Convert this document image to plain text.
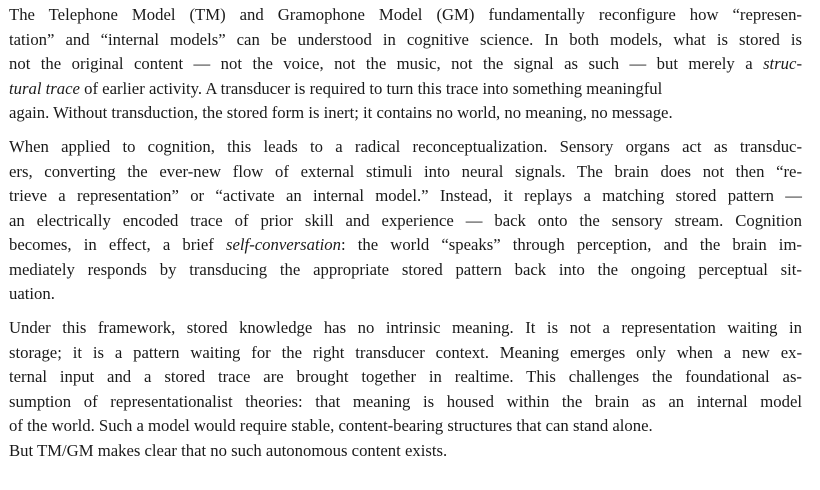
The Telephone Model (TM) and Gramophone Model (GM) fundamentally reconfigure how “represen-
tation” and “internal models” can be understood in cognitive science. In both models, what is stored is
not the original content — not the voice, not the music, not the signal as such — but merely a struc-
tural trace of earlier activity. A transducer is required to turn this trace into something meaningful
again. Without transduction, the stored form is inert; it contains no world, no meaning, no message.

When applied to cognition, this leads to a radical reconceptualization. Sensory organs act as transduc-
ers, converting the ever-new flow of external stimuli into neural signals. The brain does not then “re-
trieve a representation” or “activate an internal model.” Instead, it replays a matching stored pattern —
an electrically encoded trace of prior skill and experience — back onto the sensory stream. Cognition
becomes, in effect, a brief self-conversation: the world “speaks” through perception, and the brain im-
mediately responds by transducing the appropriate stored pattern back into the ongoing perceptual sit-
uation.

Under this framework, stored knowledge has no intrinsic meaning. It is not a representation waiting in
storage; it is a pattern waiting for the right transducer context. Meaning emerges only when a new ex-
ternal input and a stored trace are brought together in realtime. This challenges the foundational as-
sumption of representationalist theories: that meaning is housed within the brain as an internal model
of the world. Such a model would require stable, content-bearing structures that can stand alone.
But TM/GM makes clear that no such autonomous content exists.
